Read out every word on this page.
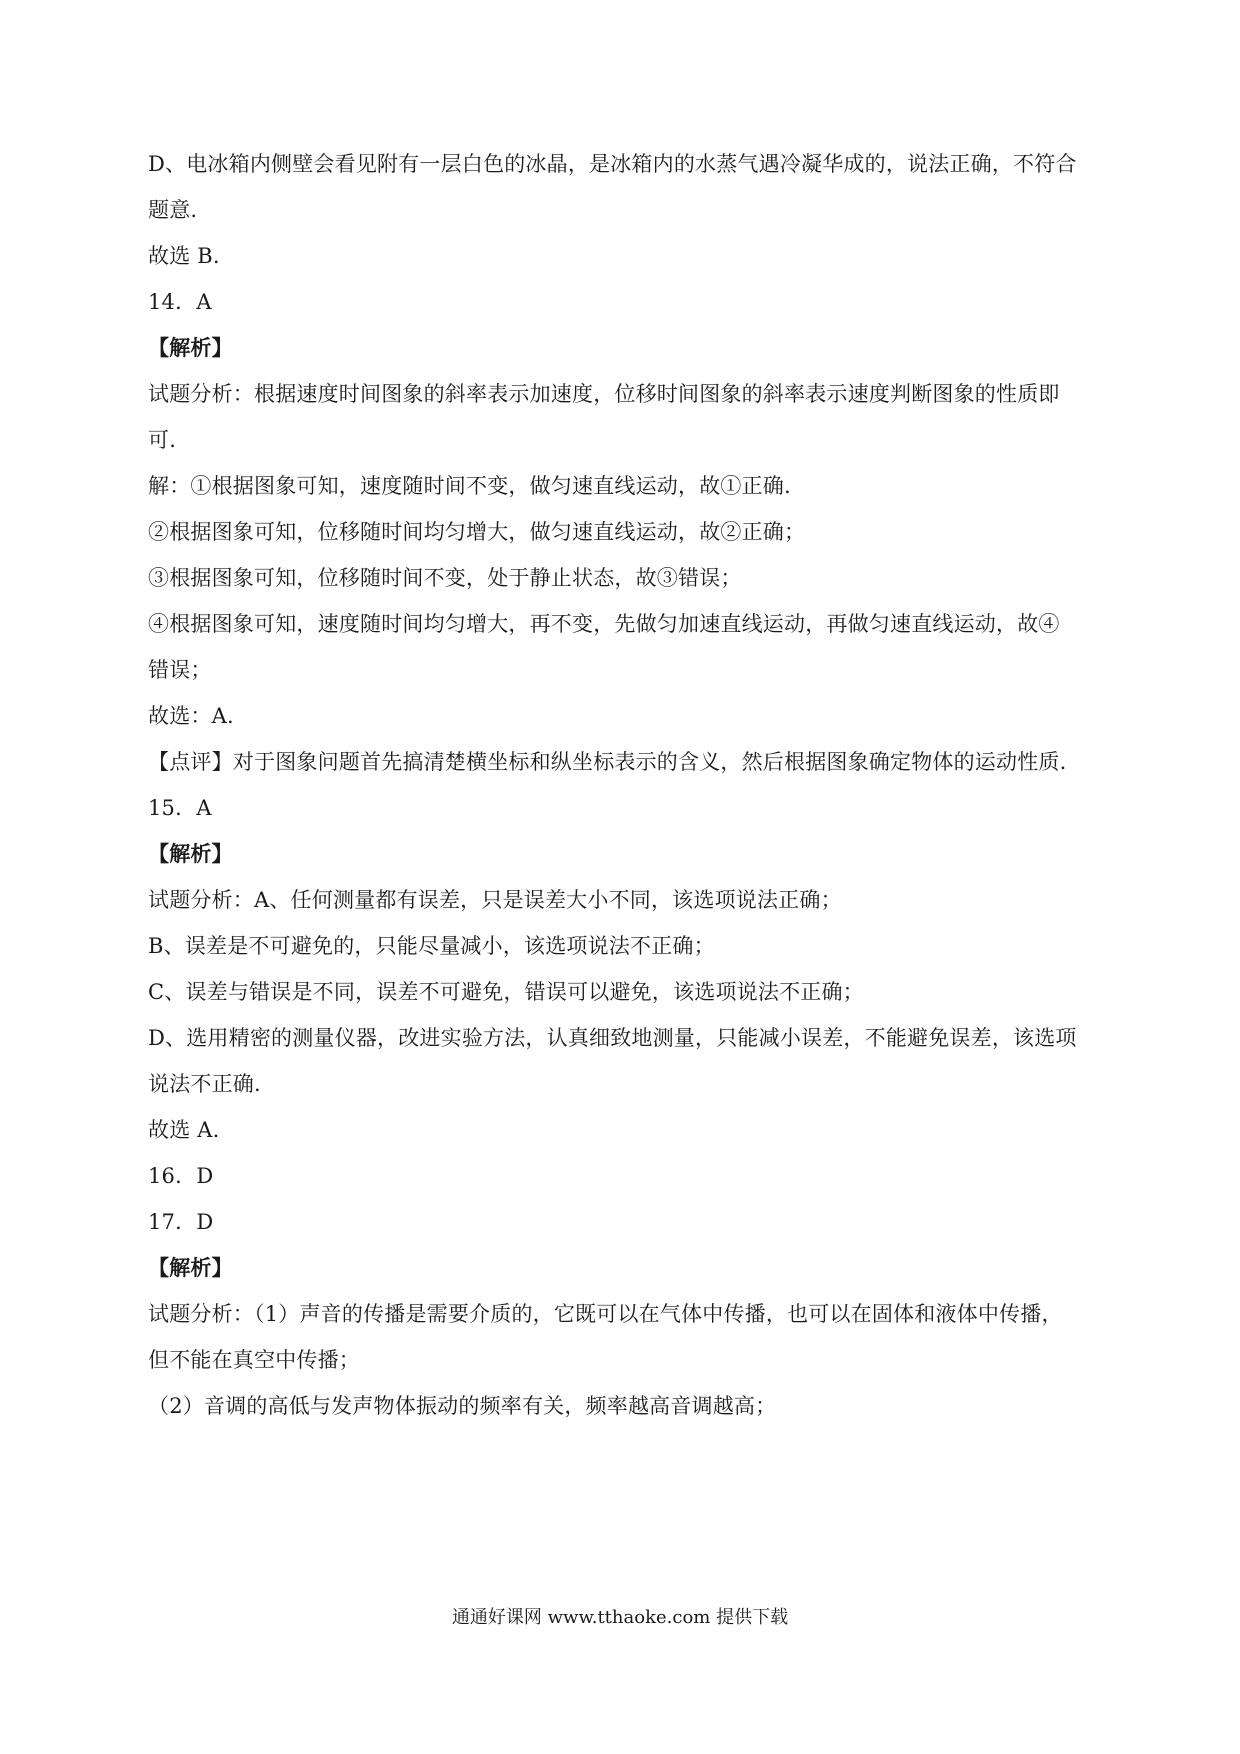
D、电冰箱内侧壁会看见附有一层白色的冰晶，是冰箱内的水蒸气遇冷凝华成的，说法正确，不符合
题意.
故选 B.
14．A
【解析】
试题分析：根据速度时间图象的斜率表示加速度，位移时间图象的斜率表示速度判断图象的性质即
可.
解：①根据图象可知，速度随时间不变，做匀速直线运动，故①正确.
②根据图象可知，位移随时间均匀增大，做匀速直线运动，故②正确；
③根据图象可知，位移随时间不变，处于静止状态，故③错误；
④根据图象可知，速度随时间均匀增大，再不变，先做匀加速直线运动，再做匀速直线运动，故④
错误；
故选：A.
【点评】对于图象问题首先搞清楚横坐标和纵坐标表示的含义，然后根据图象确定物体的运动性质.
15．A
【解析】
试题分析：A、任何测量都有误差，只是误差大小不同，该选项说法正确；
B、误差是不可避免的，只能尽量减小，该选项说法不正确；
C、误差与错误是不同，误差不可避免，错误可以避免，该选项说法不正确；
D、选用精密的测量仪器，改进实验方法，认真细致地测量，只能减小误差，不能避免误差，该选项
说法不正确.
故选 A.
16．D
17．D
【解析】
试题分析：（1）声音的传播是需要介质的，它既可以在气体中传播，也可以在固体和液体中传播，
但不能在真空中传播；
（2）音调的高低与发声物体振动的频率有关，频率越高音调越高；
通通好课网 www.tthaoke.com 提供下载
